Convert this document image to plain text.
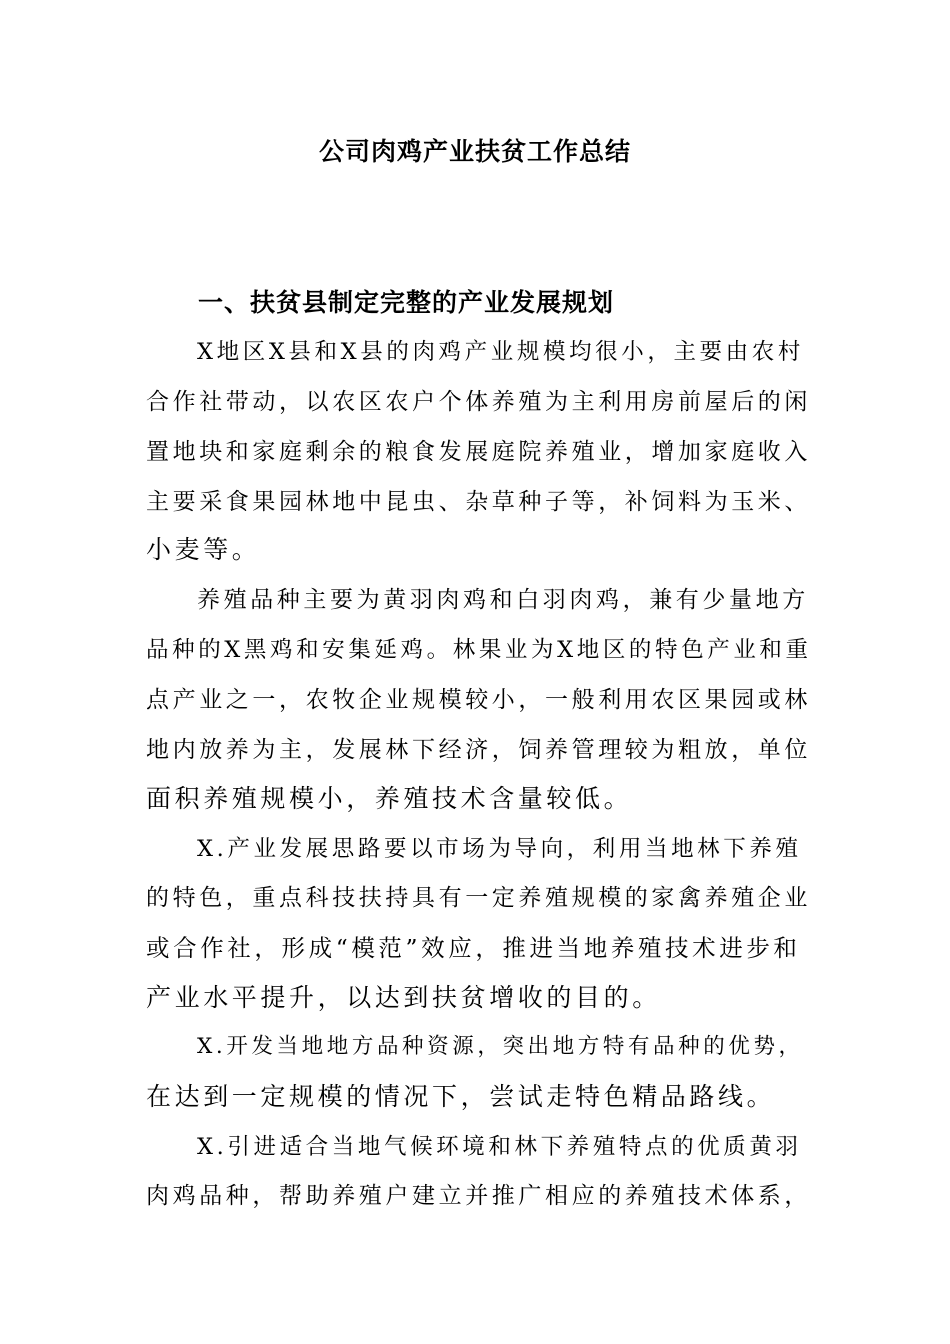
公司肉鸡产业扶贫工作总结
一、扶贫县制定完整的产业发展规划
X地区X县和X县的肉鸡产业规模均很小，主要由农村
合作社带动，以农区农户个体养殖为主利用房前屋后的闲
置地块和家庭剩余的粮食发展庭院养殖业，增加家庭收入
主要采食果园林地中昆虫、杂草种子等，补饲料为玉米、
小麦等。
养殖品种主要为黄羽肉鸡和白羽肉鸡，兼有少量地方
品种的X黑鸡和安集延鸡。林果业为X地区的特色产业和重
点产业之一，农牧企业规模较小，一般利用农区果园或林
地内放养为主，发展林下经济，饲养管理较为粗放，单位
面积养殖规模小，养殖技术含量较低。
X.产业发展思路要以市场为导向，利用当地林下养殖
的特色，重点科技扶持具有一定养殖规模的家禽养殖企业
或合作社，形成“模范”效应，推进当地养殖技术进步和
产业水平提升，以达到扶贫增收的目的。
X.开发当地地方品种资源，突出地方特有品种的优势，
在达到一定规模的情况下，尝试走特色精品路线。
X.引进适合当地气候环境和林下养殖特点的优质黄羽
肉鸡品种，帮助养殖户建立并推广相应的养殖技术体系，
